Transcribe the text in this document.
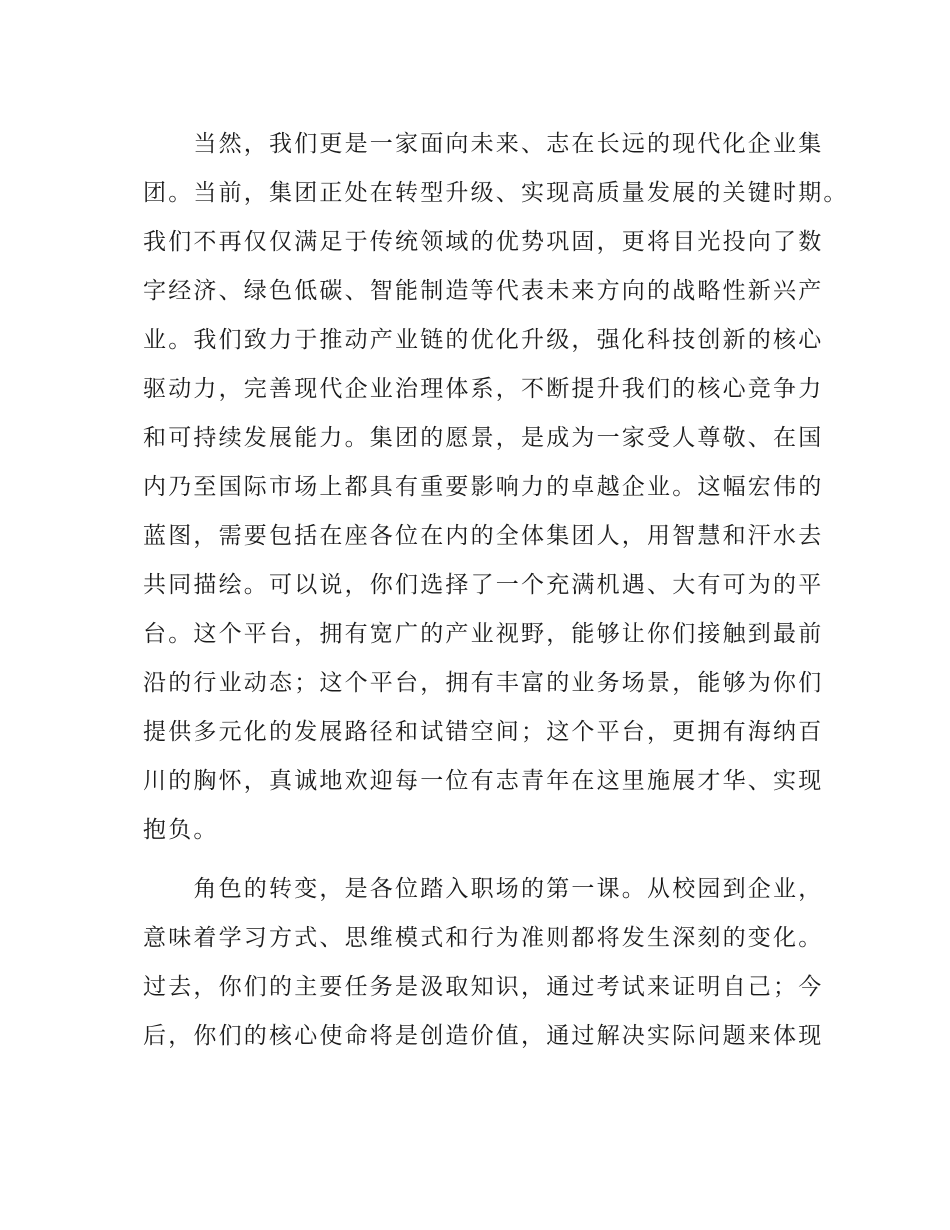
　　当然，我们更是一家面向未来、志在长远的现代化企业集
团。当前，集团正处在转型升级、实现高质量发展的关键时期。
我们不再仅仅满足于传统领域的优势巩固，更将目光投向了数
字经济、绿色低碳、智能制造等代表未来方向的战略性新兴产
业。我们致力于推动产业链的优化升级，强化科技创新的核心
驱动力，完善现代企业治理体系，不断提升我们的核心竞争力
和可持续发展能力。集团的愿景，是成为一家受人尊敬、在国
内乃至国际市场上都具有重要影响力的卓越企业。这幅宏伟的
蓝图，需要包括在座各位在内的全体集团人，用智慧和汗水去
共同描绘。可以说，你们选择了一个充满机遇、大有可为的平
台。这个平台，拥有宽广的产业视野，能够让你们接触到最前
沿的行业动态；这个平台，拥有丰富的业务场景，能够为你们
提供多元化的发展路径和试错空间；这个平台，更拥有海纳百
川的胸怀，真诚地欢迎每一位有志青年在这里施展才华、实现
抱负。

　　角色的转变，是各位踏入职场的第一课。从校园到企业，
意味着学习方式、思维模式和行为准则都将发生深刻的变化。
过去，你们的主要任务是汲取知识，通过考试来证明自己；今
后，你们的核心使命将是创造价值，通过解决实际问题来体现
